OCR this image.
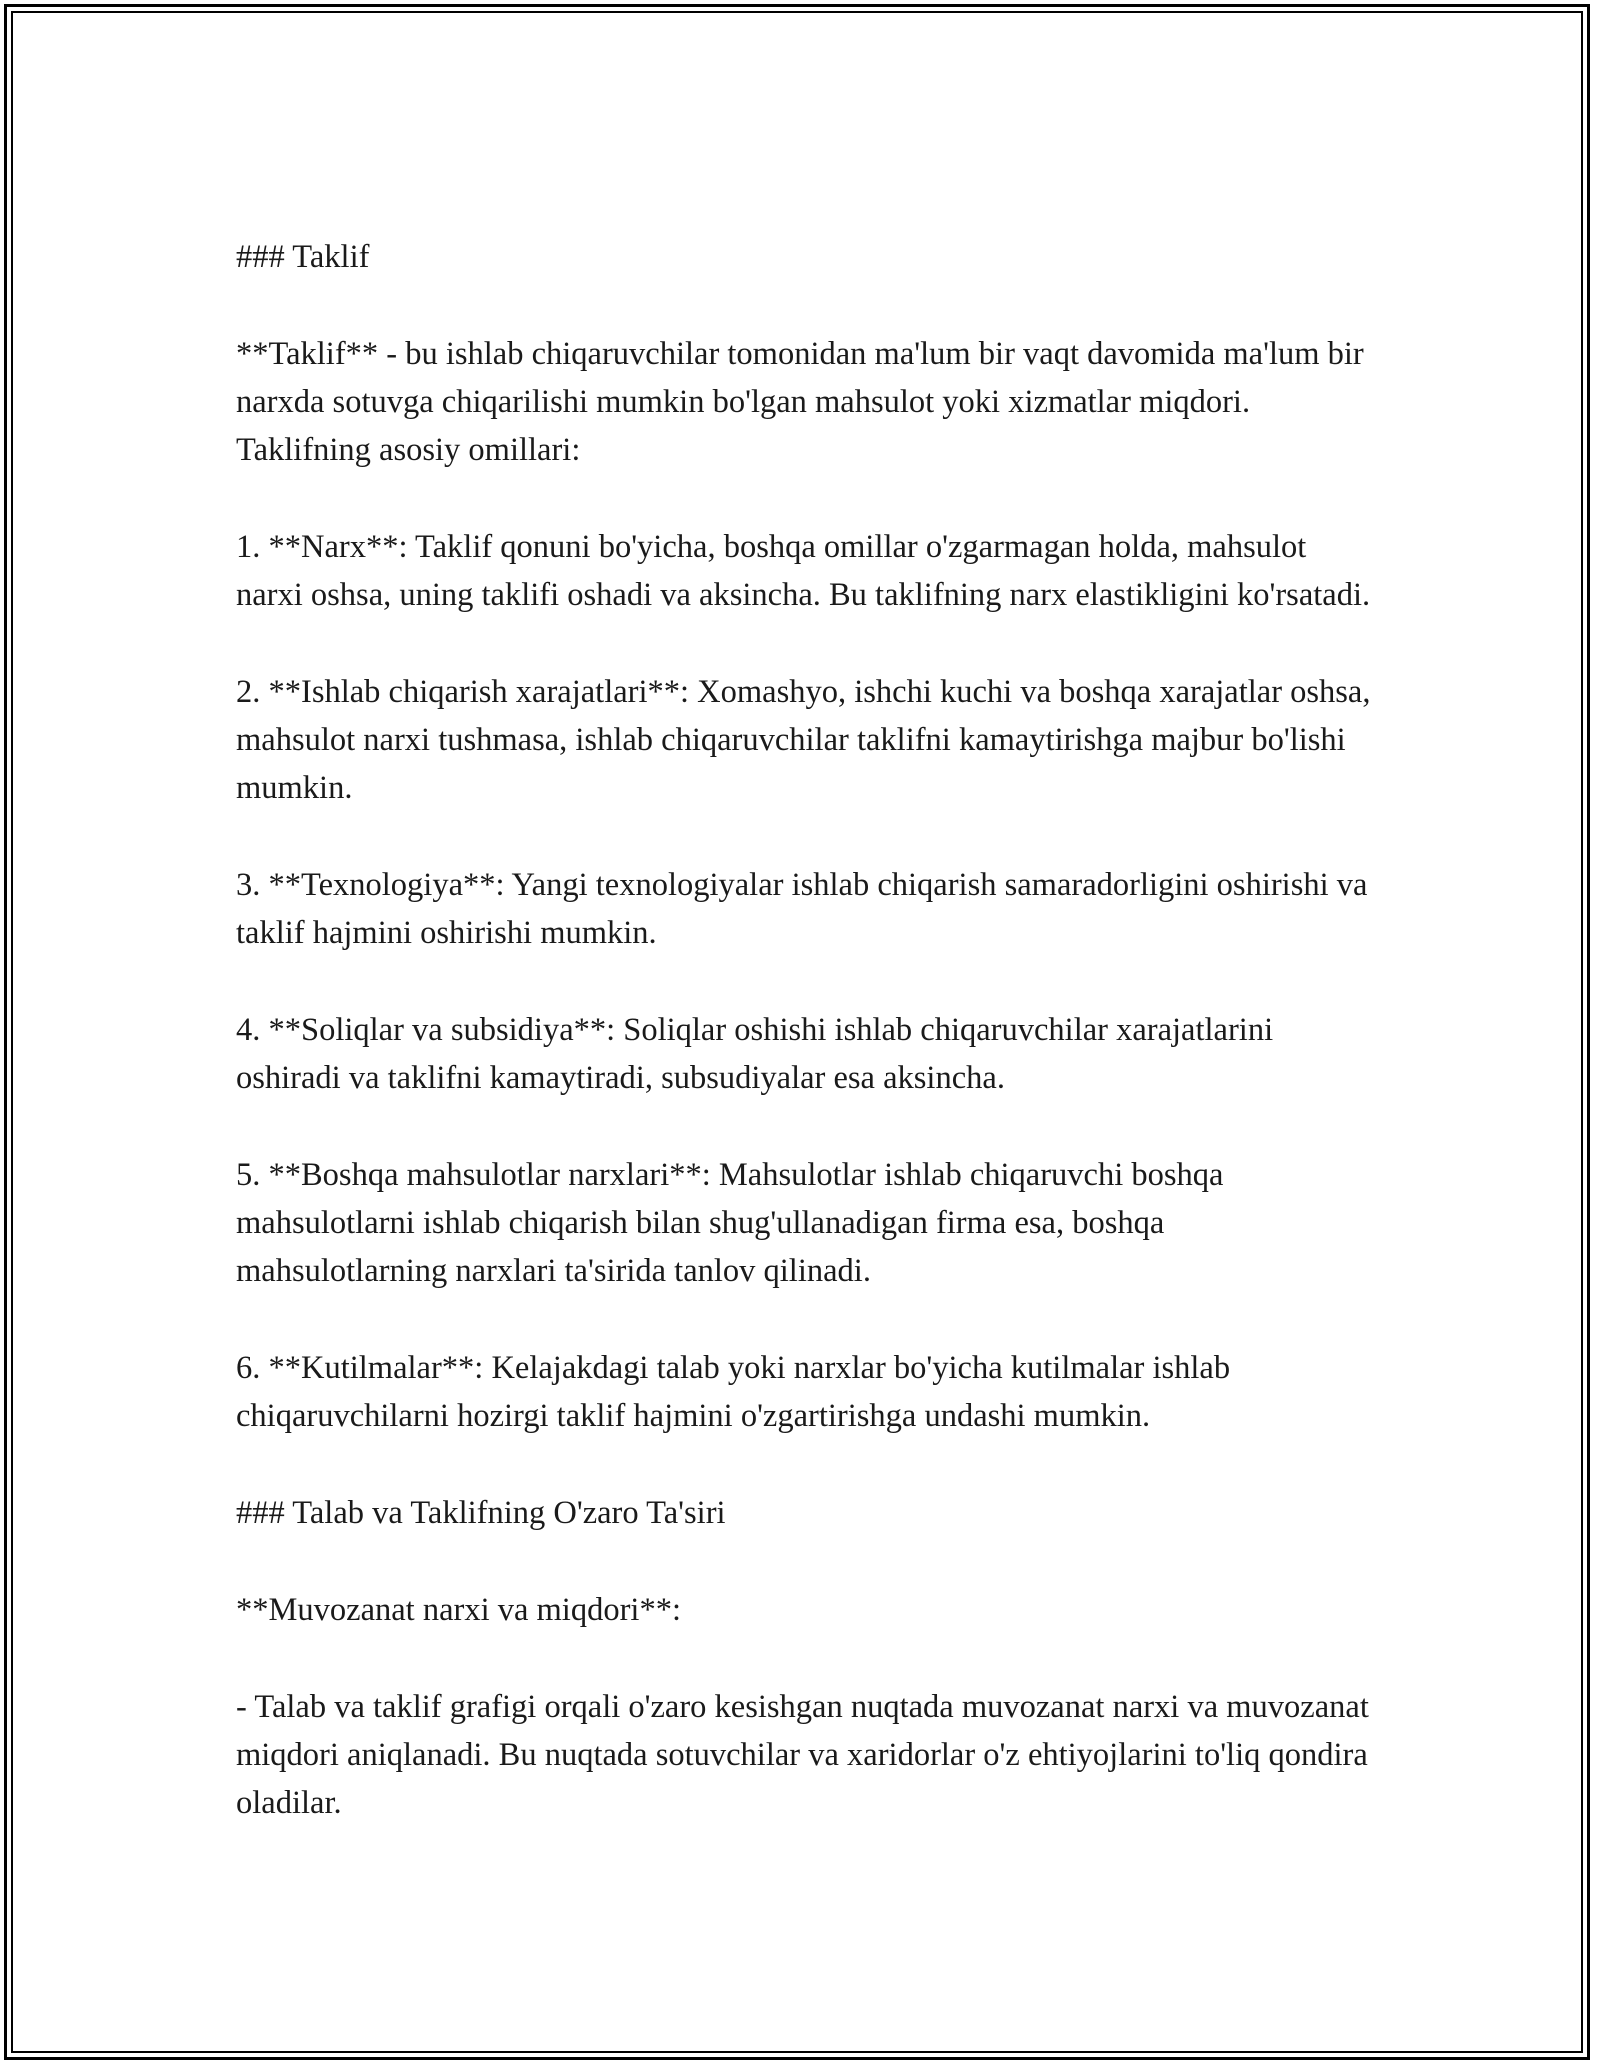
### Taklif

**Taklif** - bu ishlab chiqaruvchilar tomonidan ma'lum bir vaqt davomida ma'lum bir narxda sotuvga chiqarilishi mumkin bo'lgan mahsulot yoki xizmatlar miqdori. Taklifning asosiy omillari:

1. **Narx**: Taklif qonuni bo'yicha, boshqa omillar o'zgarmagan holda, mahsulot narxi oshsa, uning taklifi oshadi va aksincha. Bu taklifning narx elastikligini ko'rsatadi.

2. **Ishlab chiqarish xarajatlari**: Xomashyo, ishchi kuchi va boshqa xarajatlar oshsa, mahsulot narxi tushmasa, ishlab chiqaruvchilar taklifni kamaytirishga majbur bo'lishi mumkin.

3. **Texnologiya**: Yangi texnologiyalar ishlab chiqarish samaradorligini oshirishi va taklif hajmini oshirishi mumkin.

4. **Soliqlar va subsidiya**: Soliqlar oshishi ishlab chiqaruvchilar xarajatlarini oshiradi va taklifni kamaytiradi, subsudiyalar esa aksincha.

5. **Boshqa mahsulotlar narxlari**: Mahsulotlar ishlab chiqaruvchi boshqa mahsulotlarni ishlab chiqarish bilan shug'ullanadigan firma esa, boshqa mahsulotlarning narxlari ta'sirida tanlov qilinadi.

6. **Kutilmalar**: Kelajakdagi talab yoki narxlar bo'yicha kutilmalar ishlab chiqaruvchilarni hozirgi taklif hajmini o'zgartirishga undashi mumkin.

### Talab va Taklifning O'zaro Ta'siri

**Muvozanat narxi va miqdori**:

- Talab va taklif grafigi orqali o'zaro kesishgan nuqtada muvozanat narxi va muvozanat miqdori aniqlanadi. Bu nuqtada sotuvchilar va xaridorlar o'z ehtiyojlarini to'liq qondira oladilar.
